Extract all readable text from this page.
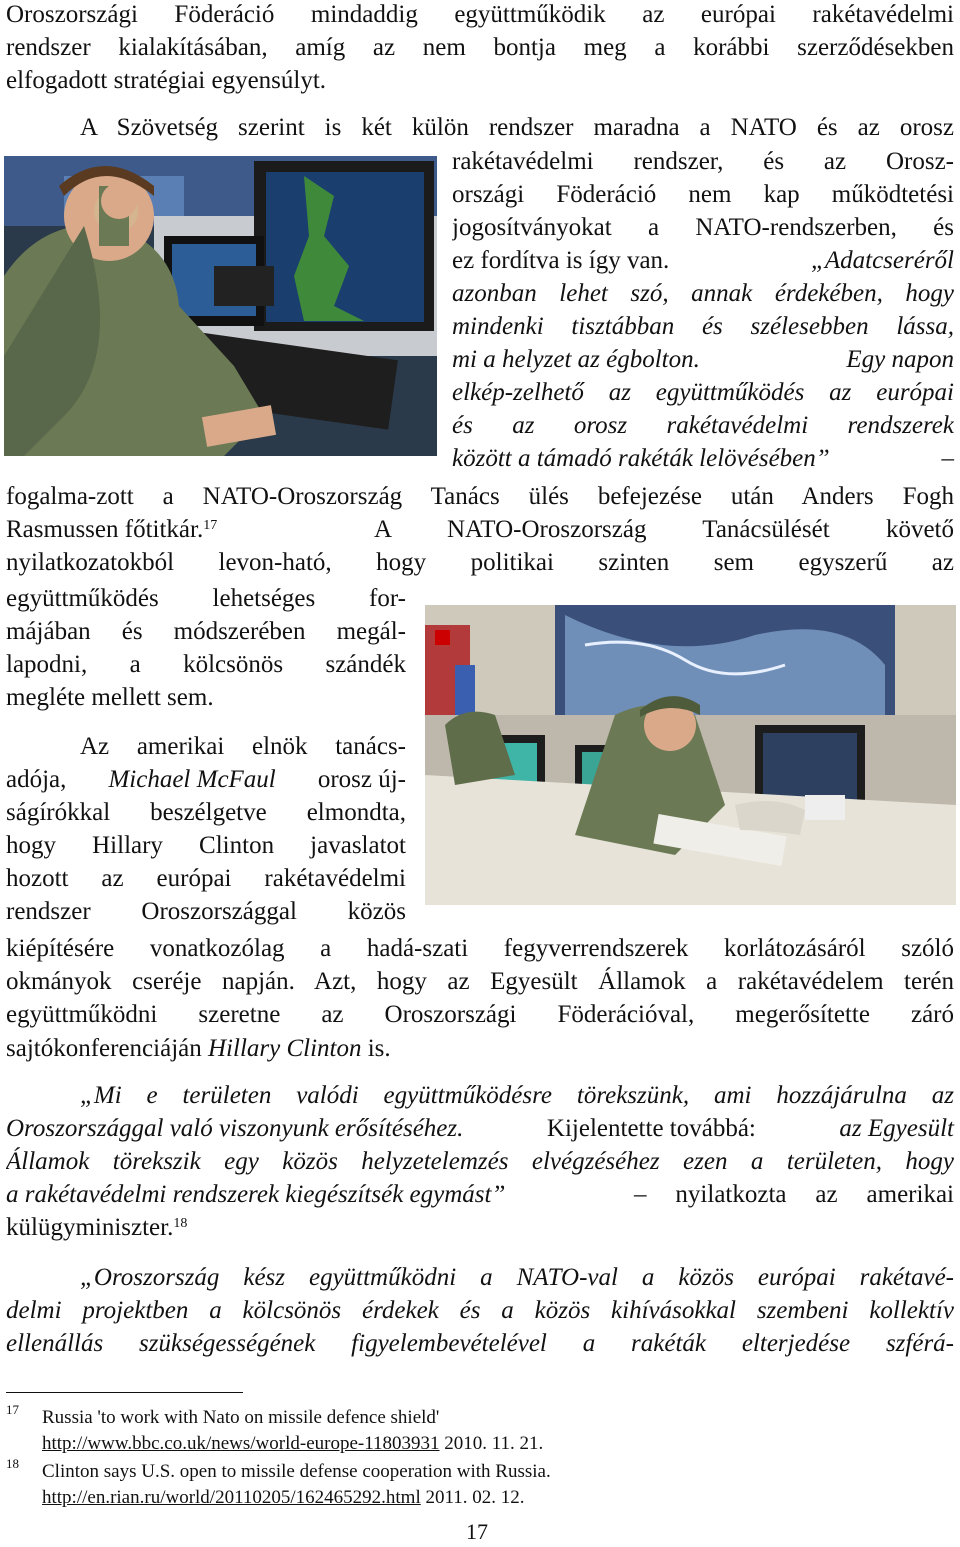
Oroszországi Föderáció mindaddig együttműködik az európai rakétavédelmi
rendszer kialakításában, amíg az nem bontja meg a korábbi szerződésekben
elfogadott stratégiai egyensúlyt.
A Szövetség szerint is két külön rendszer maradna a NATO és az orosz
rakétavédelmi rendszer, és az Orosz-
országi Föderáció nem kap működtetési
jogosítványokat a NATO-rendszerben, és
ez fordítva is így van.	„Adatcseréről
azonban lehet szó, annak érdekében, hogy
mindenki tisztábban és szélesebben lássa,
mi a helyzet az égbolton.	Egy napon
elkép-zelhető az együttműködés az európai
és az orosz rakétavédelmi rendszerek
között a támadó rakéták lelövésében”	–
fogalma-zott a NATO-Oroszország Tanács ülés befejezése után Anders Fogh
Rasmussen főtitkár.$^{17}$	A NATO-Oroszország Tanácsülését követő
nyilatkozatokból levon-ható, hogy politikai szinten sem egyszerű az
együttműködés lehetséges for-
májában és módszerében megál-
lapodni, a kölcsönös szándék
megléte mellett sem.
Az amerikai elnök tanács-
adója, Michael McFaul orosz új-
ságírókkal beszélgetve elmondta,
hogy Hillary Clinton javaslatot
hozott az európai rakétavédelmi
rendszer Oroszországgal közös
kiépítésére vonatkozólag a hadá-szati fegyverrendszerek korlátozásáról szóló
okmányok cseréje napján. Azt, hogy az Egyesült Államok a rakétavédelem terén
együttműködni szeretne az Oroszországi Föderációval, megerősítette záró
sajtókonferenciáján Hillary Clinton is.
„Mi e területen valódi együttműködésre törekszünk, ami hozzájárulna az
Oroszországgal való viszonyunk erősítéséhez.	Kijelentette továbbá:	az Egyesült
Államok törekszik egy közös helyzetelemzés elvégzéséhez ezen a területen, hogy
a rakétavédelmi rendszerek kiegészítsék egymást”	– nyilatkozta az amerikai
külügyminiszter.$^{18}$
„Oroszország kész együttműködni a NATO-val a közös európai rakétavé-
delmi projektben a kölcsönös érdekek és a közös kihívásokkal szembeni kollektív
ellenállás szükségességének figyelembevételével a rakéták elterjedése szférá-
17 Russia 'to work with Nato on missile defence shield'
http://www.bbc.co.uk/news/world-europe-11803931 2010. 11. 21.
18 Clinton says U.S. open to missile defense cooperation with Russia.
http://en.rian.ru/world/20110205/162465292.html 2011. 02. 12.
17
